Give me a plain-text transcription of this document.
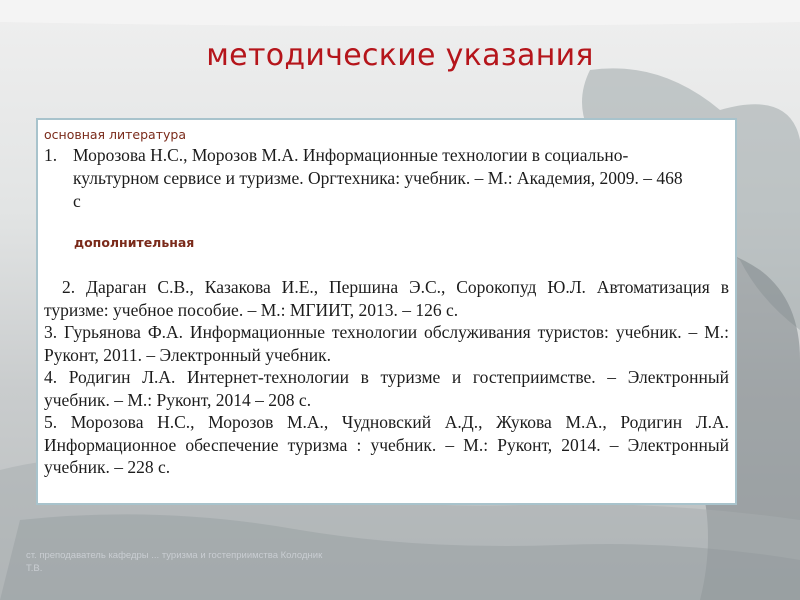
методические указания
основная литература
1. Морозова Н.С., Морозов М.А. Информационные технологии в социально-культурном сервисе и туризме. Оргтехника: учебник. – М.: Академия, 2009. – 468 с
дополнительная

2. Дараган С.В., Казакова И.Е., Першина Э.С., Сорокопуд Ю.Л. Автоматизация в туризме: учебное пособие. – М.: МГИИТ, 2013. – 126 с.

3. Гурьянова Ф.А. Информационные технологии обслуживания туристов: учебник. – М.: Руконт, 2011. – Электронный учебник.

4. Родигин Л.А. Интернет-технологии в туризме и гостеприимстве. – Электронный учебник. – М.: Руконт, 2014 – 208 с.

5. Морозова Н.С., Морозов М.А., Чудновский А.Д., Жукова М.А., Родигин Л.А. Информационное обеспечение туризма : учебник. – М.: Руконт, 2014. – Электронный учебник. – 228 с.

ст. преподаватель кафедры ... туризма и гостеприимства Колодник Т.В.
